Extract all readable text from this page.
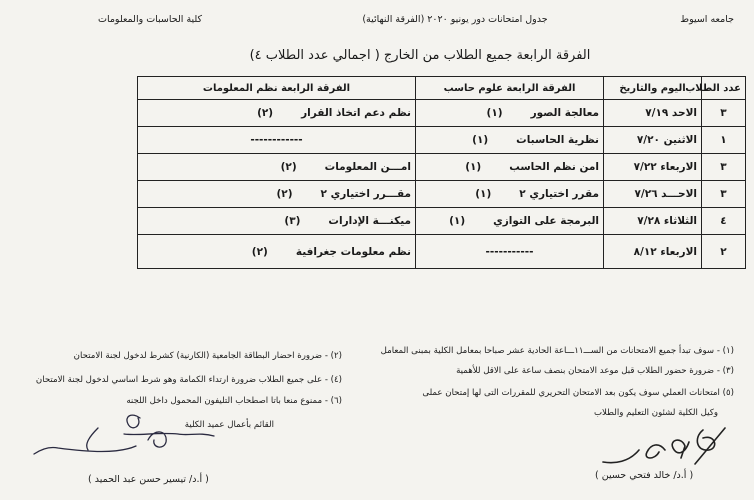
جامعه اسيوط
جدول امتحانات دور يونيو ٢٠٢٠ (الفرقة النهائية)
كلية الحاسبات والمعلومات
الفرقة الرابعة جميع الطلاب من الخارج ( اجمالي عدد الطلاب ٤)
عدد الطلاب	اليوم والتاريخ	الفرقة الرابعة علوم حاسب	الفرقة الرابعة نظم المعلومات
٣	الاحد ٧/١٩	معالجة الصور(١)	نظم دعم اتخاذ القرار(٢)
١	الاثنين ٧/٢٠	نظرية الحاسبات(١)	------------
٣	الاربعاء ٧/٢٢	امن نظم الحاسب(١)	امـــن المعلومات(٢)
٣	الاحـــد ٧/٢٦	مقرر اختياري ٢(١)	مقـــرر اختياري ٢(٢)
٤	الثلاثاء ٧/٢٨	البرمجة على التوازي(١)	ميكنـــة الإدارات(٣)
٢	الاربعاء ٨/١٢	-----------	نظم معلومات جغرافية(٢)
(١) - سوف تبدأ جميع الامتحانات من الســـ١١ـــاعة الحادية عشر صباحا بمعامل الكلية بمبنى المعامل
(٣) - ضرورة حضور الطلاب قبل موعد الامتحان بنصف ساعة على الاقل للأهمية
(٥) امتحانات العملي سوف يكون بعد الامتحان التحريري للمقررات التى لها إمتحان عملى
وكيل الكلية لشئون التعليم والطلاب
(٢) - ضرورة احضار البطاقة الجامعية (الكارنية) كشرط لدخول لجنة الامتحان
(٤) - على جميع الطلاب ضرورة ارتداء الكمامة وهو شرط اساسي لدخول لجنة الامتحان
(٦) - ممنوع منعا باتا اصطحاب التليفون المحمول داخل اللجنه
القائم بأعمال عميد الكلية
( أ.د/ خالد فتحي حسين )
( أ.د/ تيسير حسن عبد الحميد )
